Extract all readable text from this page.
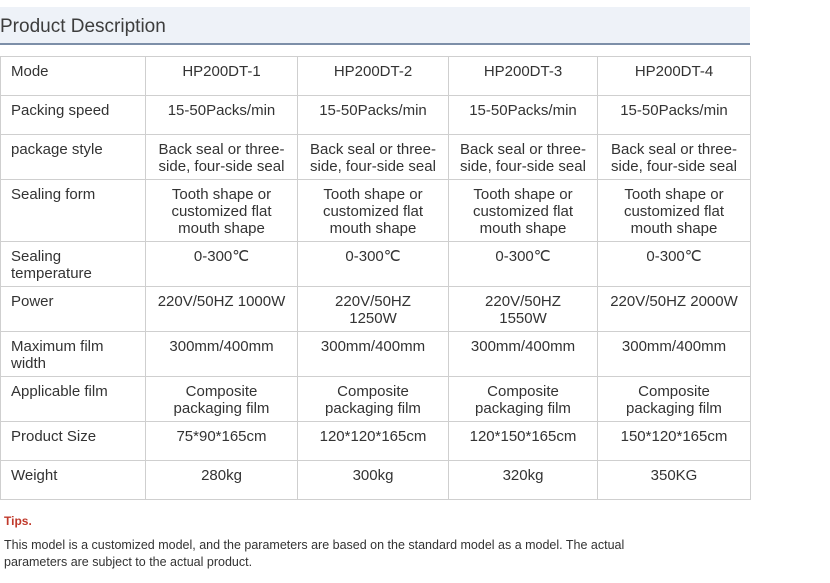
Product Description
Mode	HP200DT-1	HP200DT-2	HP200DT-3	HP200DT-4
Packing speed	15-50Packs/min	15-50Packs/min	15-50Packs/min	15-50Packs/min
package style	Back seal or three-side, four-side seal	Back seal or three-side, four-side seal	Back seal or three-side, four-side seal	Back seal or three-side, four-side seal
Sealing form	Tooth shape or
customized flat
mouth shape	Tooth shape or
customized flat
mouth shape	Tooth shape or
customized flat
mouth shape	Tooth shape or
customized flat
mouth shape
Sealing
temperature	0-300℃	0-300℃	0-300℃	0-300℃
Power	220V/50HZ 1000W	220V/50HZ
1250W	220V/50HZ
1550W	220V/50HZ 2000W
Maximum film
width	300mm/400mm	300mm/400mm	300mm/400mm	300mm/400mm
Applicable film	Composite
packaging film	Composite
packaging film	Composite
packaging film	Composite
packaging film
Product Size	75*90*165cm	120*120*165cm	120*150*165cm	150*120*165cm
Weight	280kg	300kg	320kg	350KG
Tips.
This model is a customized model, and the parameters are based on the standard model as a model. The actual
parameters are subject to the actual product.
